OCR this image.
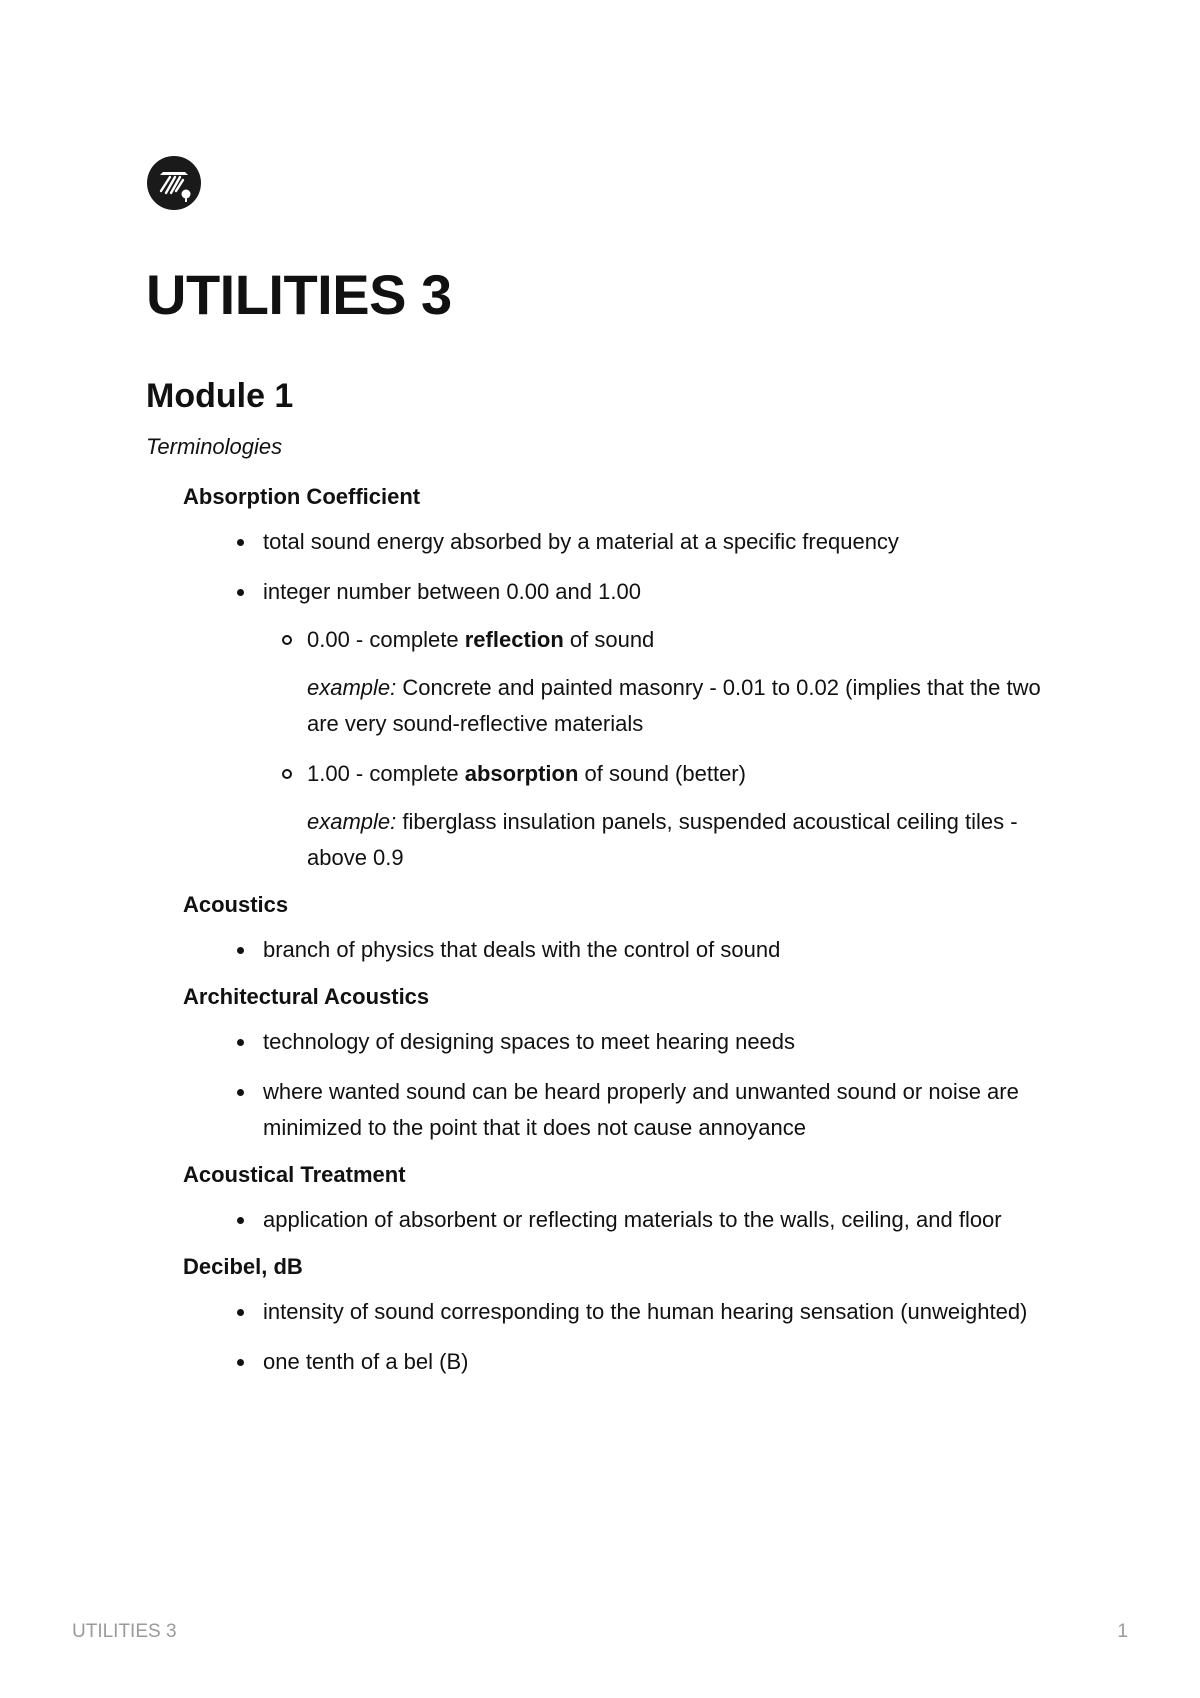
UTILITIES 3
Module 1
Terminologies
Absorption Coefficient
total sound energy absorbed by a material at a specific frequency
integer number between 0.00 and 1.00
0.00 - complete reflection of sound
example: Concrete and painted masonry - 0.01 to 0.02 (implies that the two are very sound-reflective materials
1.00 - complete absorption of sound (better)
example: fiberglass insulation panels, suspended acoustical ceiling tiles - above 0.9
Acoustics
branch of physics that deals with the control of sound
Architectural Acoustics
technology of designing spaces to meet hearing needs
where wanted sound can be heard properly and unwanted sound or noise are minimized to the point that it does not cause annoyance
Acoustical Treatment
application of absorbent or reflecting materials to the walls, ceiling, and floor
Decibel, dB
intensity of sound corresponding to the human hearing sensation (unweighted)
one tenth of a bel (B)
UTILITIES 3	1
